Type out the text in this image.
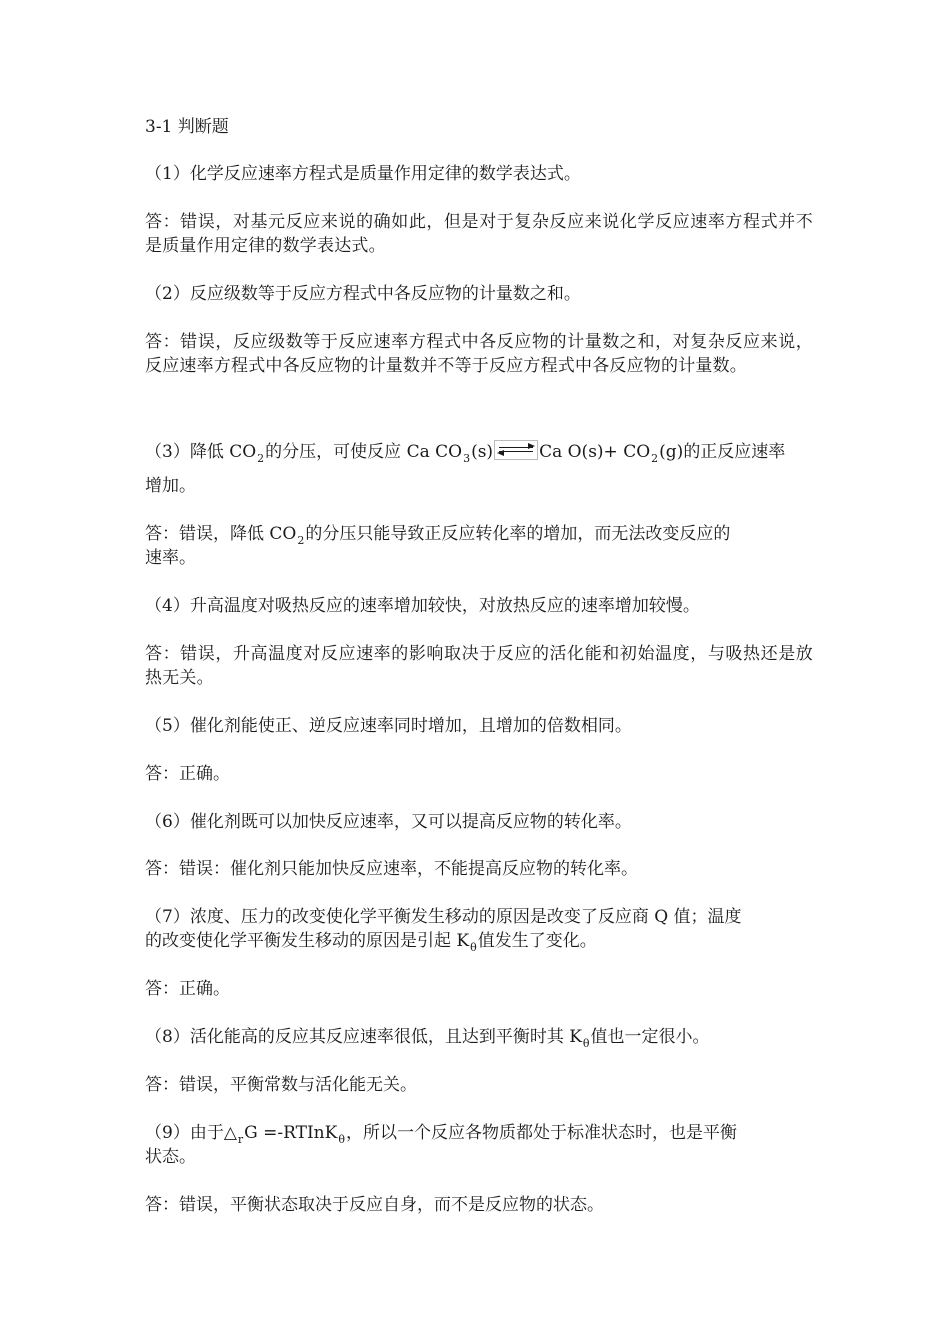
3-1 判断题
（1）化学反应速率方程式是质量作用定律的数学表达式。
答：错误，对基元反应来说的确如此，但是对于复杂反应来说化学反应速率方程式并不是质量作用定律的数学表达式。
（2）反应级数等于反应方程式中各反应物的计量数之和。
答：错误，反应级数等于反应速率方程式中各反应物的计量数之和，对复杂反应来说，反应速率方程式中各反应物的计量数并不等于反应方程式中各反应物的计量数。
（3）降低 $CO_2$的分压，可使反应 Ca $CO_3(s)$	Ca $O(s)+ CO_2(g)$的正反应速率
增加。
答：错误，降低 $CO_2$的分压只能导致正反应转化率的增加，而无法改变反应的
速率。
（4）升高温度对吸热反应的速率增加较快，对放热反应的速率增加较慢。
答：错误，升高温度对反应速率的影响取决于反应的活化能和初始温度，与吸热还是放热无关。
（5）催化剂能使正、逆反应速率同时增加，且增加的倍数相同。
答：正确。
（6）催化剂既可以加快反应速率，又可以提高反应物的转化率。
答：错误：催化剂只能加快反应速率，不能提高反应物的转化率。
（7）浓度、压力的改变使化学平衡发生移动的原因是改变了反应商 Q 值；温度
的改变使化学平衡发生移动的原因是引起 $K_\theta$值发生了变化。
答：正确。
（8）活化能高的反应其反应速率很低，且达到平衡时其 $K_\theta$值也一定很小。
答：错误，平衡常数与活化能无关。
（9）由于$\triangle_rG$ =-RTInK$_\theta$，所以一个反应各物质都处于标准状态时，也是平衡
状态。
答：错误，平衡状态取决于反应自身，而不是反应物的状态。
